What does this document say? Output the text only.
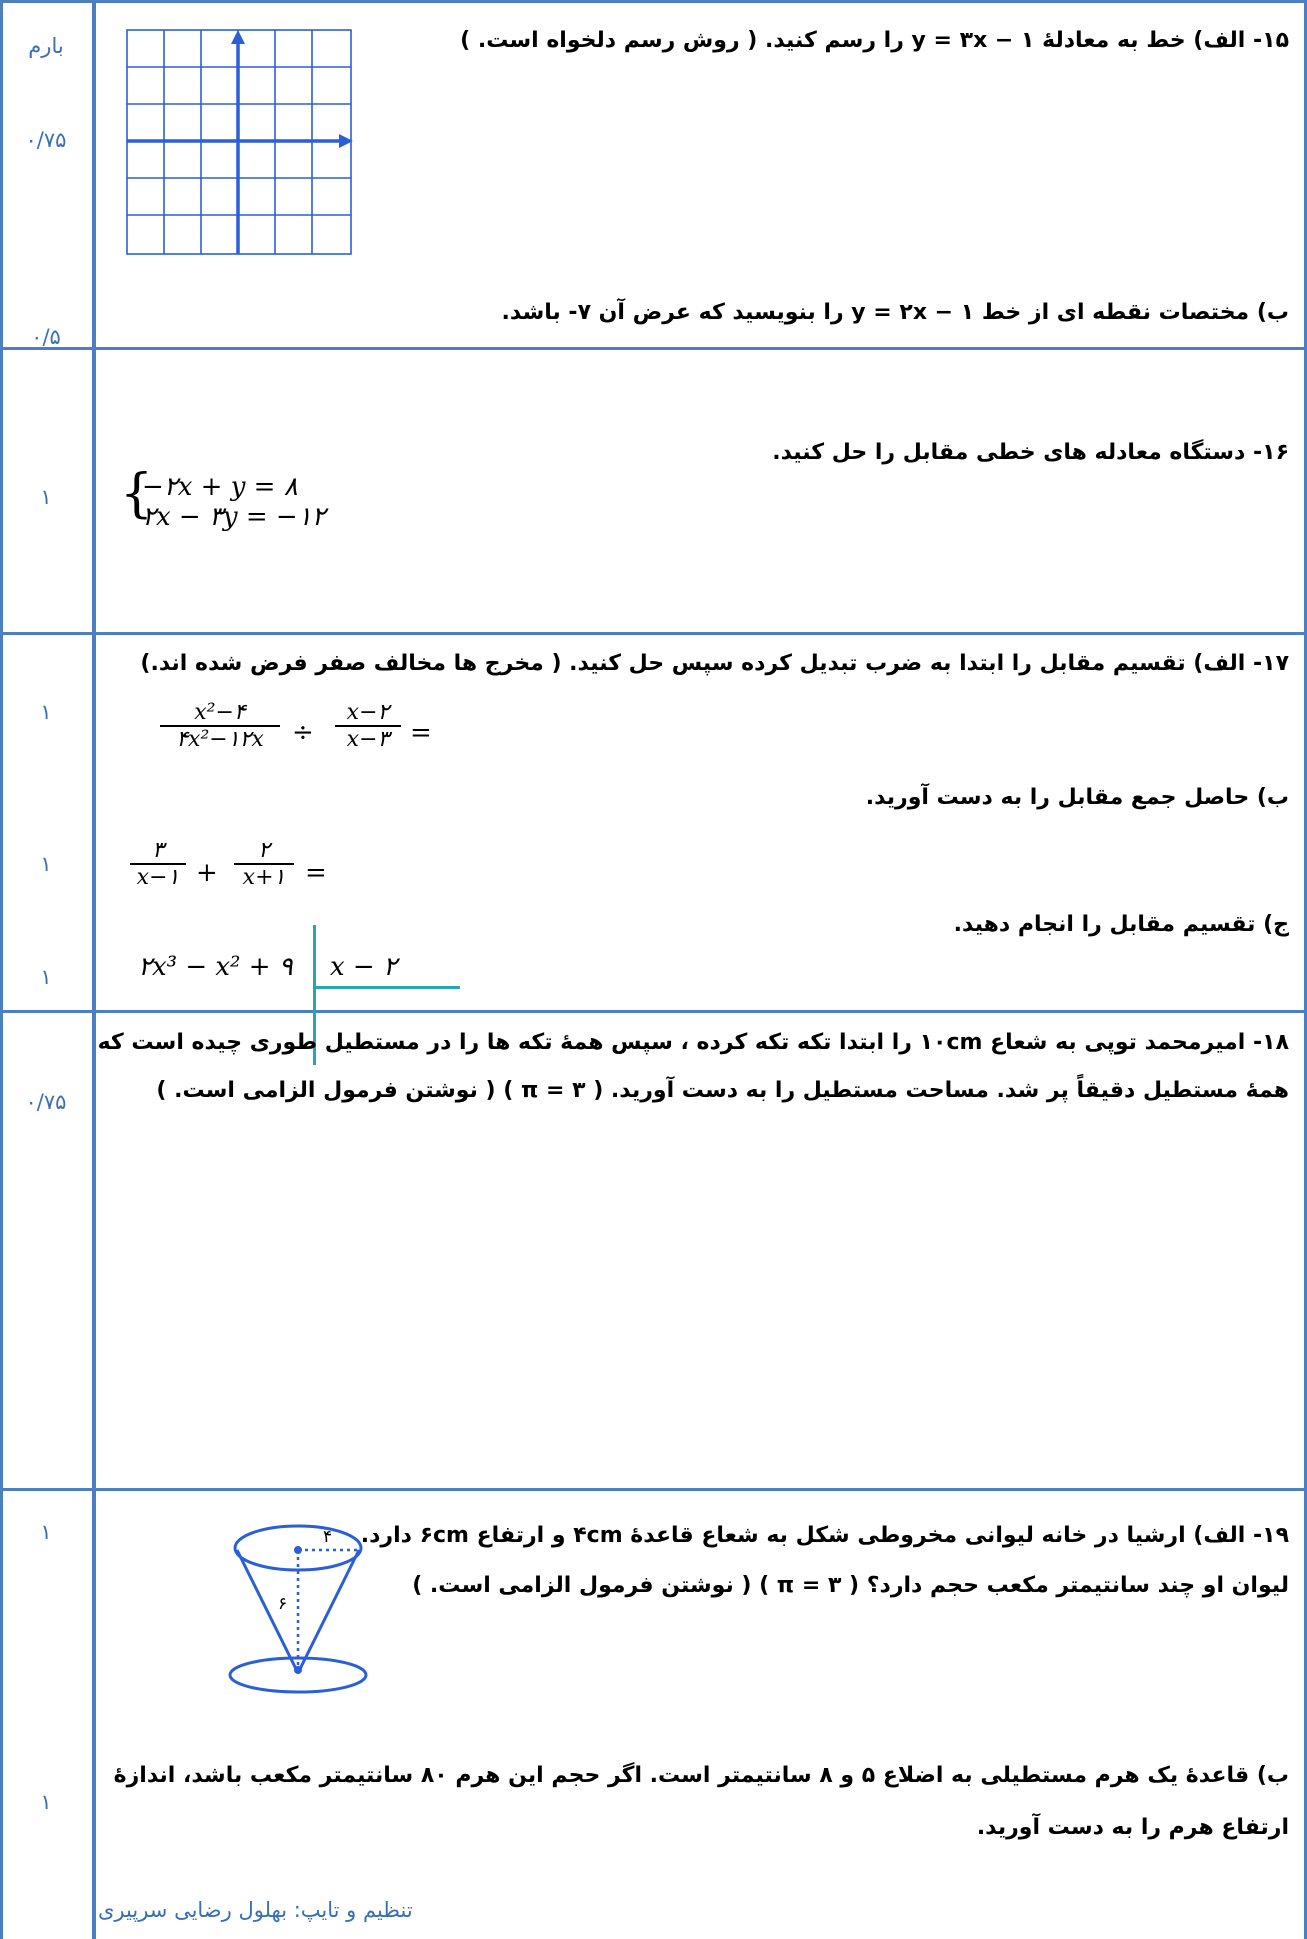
بارم
۰/۷۵
۰/۵
۱
۱
۱
۱
۰/۷۵
۱
۱
۱۵- الف) خط به معادلهٔ y = ۳x − ۱ را رسم کنید. ( روش رسم دلخواه است. )
ب) مختصات نقطه ای از خط y = ۲x − ۱ را بنویسید که عرض آن ۷- باشد.
۱۶- دستگاه معادله های خطی مقابل را حل کنید.
{
−۲x + y = ۸
۲x − ۳y = −۱۲
۱۷- الف) تقسیم مقابل را ابتدا به ضرب تبدیل کرده سپس حل کنید. ( مخرج ها مخالف صفر فرض شده اند.)
x²−۴
۴x²−۱۲x	÷
x−۲
x−۳ =
ب) حاصل جمع مقابل را به دست آورید.
۳
x−۱ +
۲
x+۱ =
ج) تقسیم مقابل را انجام دهید.
۲x³ − x² + ۹ x − ۲
۱۸- امیرمحمد توپی به شعاع ۱۰cm را ابتدا تکه تکه کرده ، سپس همهٔ تکه ها را در مستطیل طوری چیده است که
همهٔ مستطیل دقیقاً پر شد. مساحت مستطیل را به دست آورید. ( π = ۳ ) ( نوشتن فرمول الزامی است. )
۱۹- الف) ارشیا در خانه لیوانی مخروطی شکل به شعاع قاعدهٔ ۴cm و ارتفاع ۶cm دارد.
لیوان او چند سانتیمتر مکعب حجم دارد؟ ( π = ۳ ) ( نوشتن فرمول الزامی است. )
۴
۶
ب) قاعدهٔ یک هرم مستطیلی به اضلاع ۵ و ۸ سانتیمتر است. اگر حجم این هرم ۸۰ سانتیمتر مکعب باشد، اندازهٔ
ارتفاع هرم را به دست آورید.
تنظیم و تایپ: بهلول رضایی سرپیری
